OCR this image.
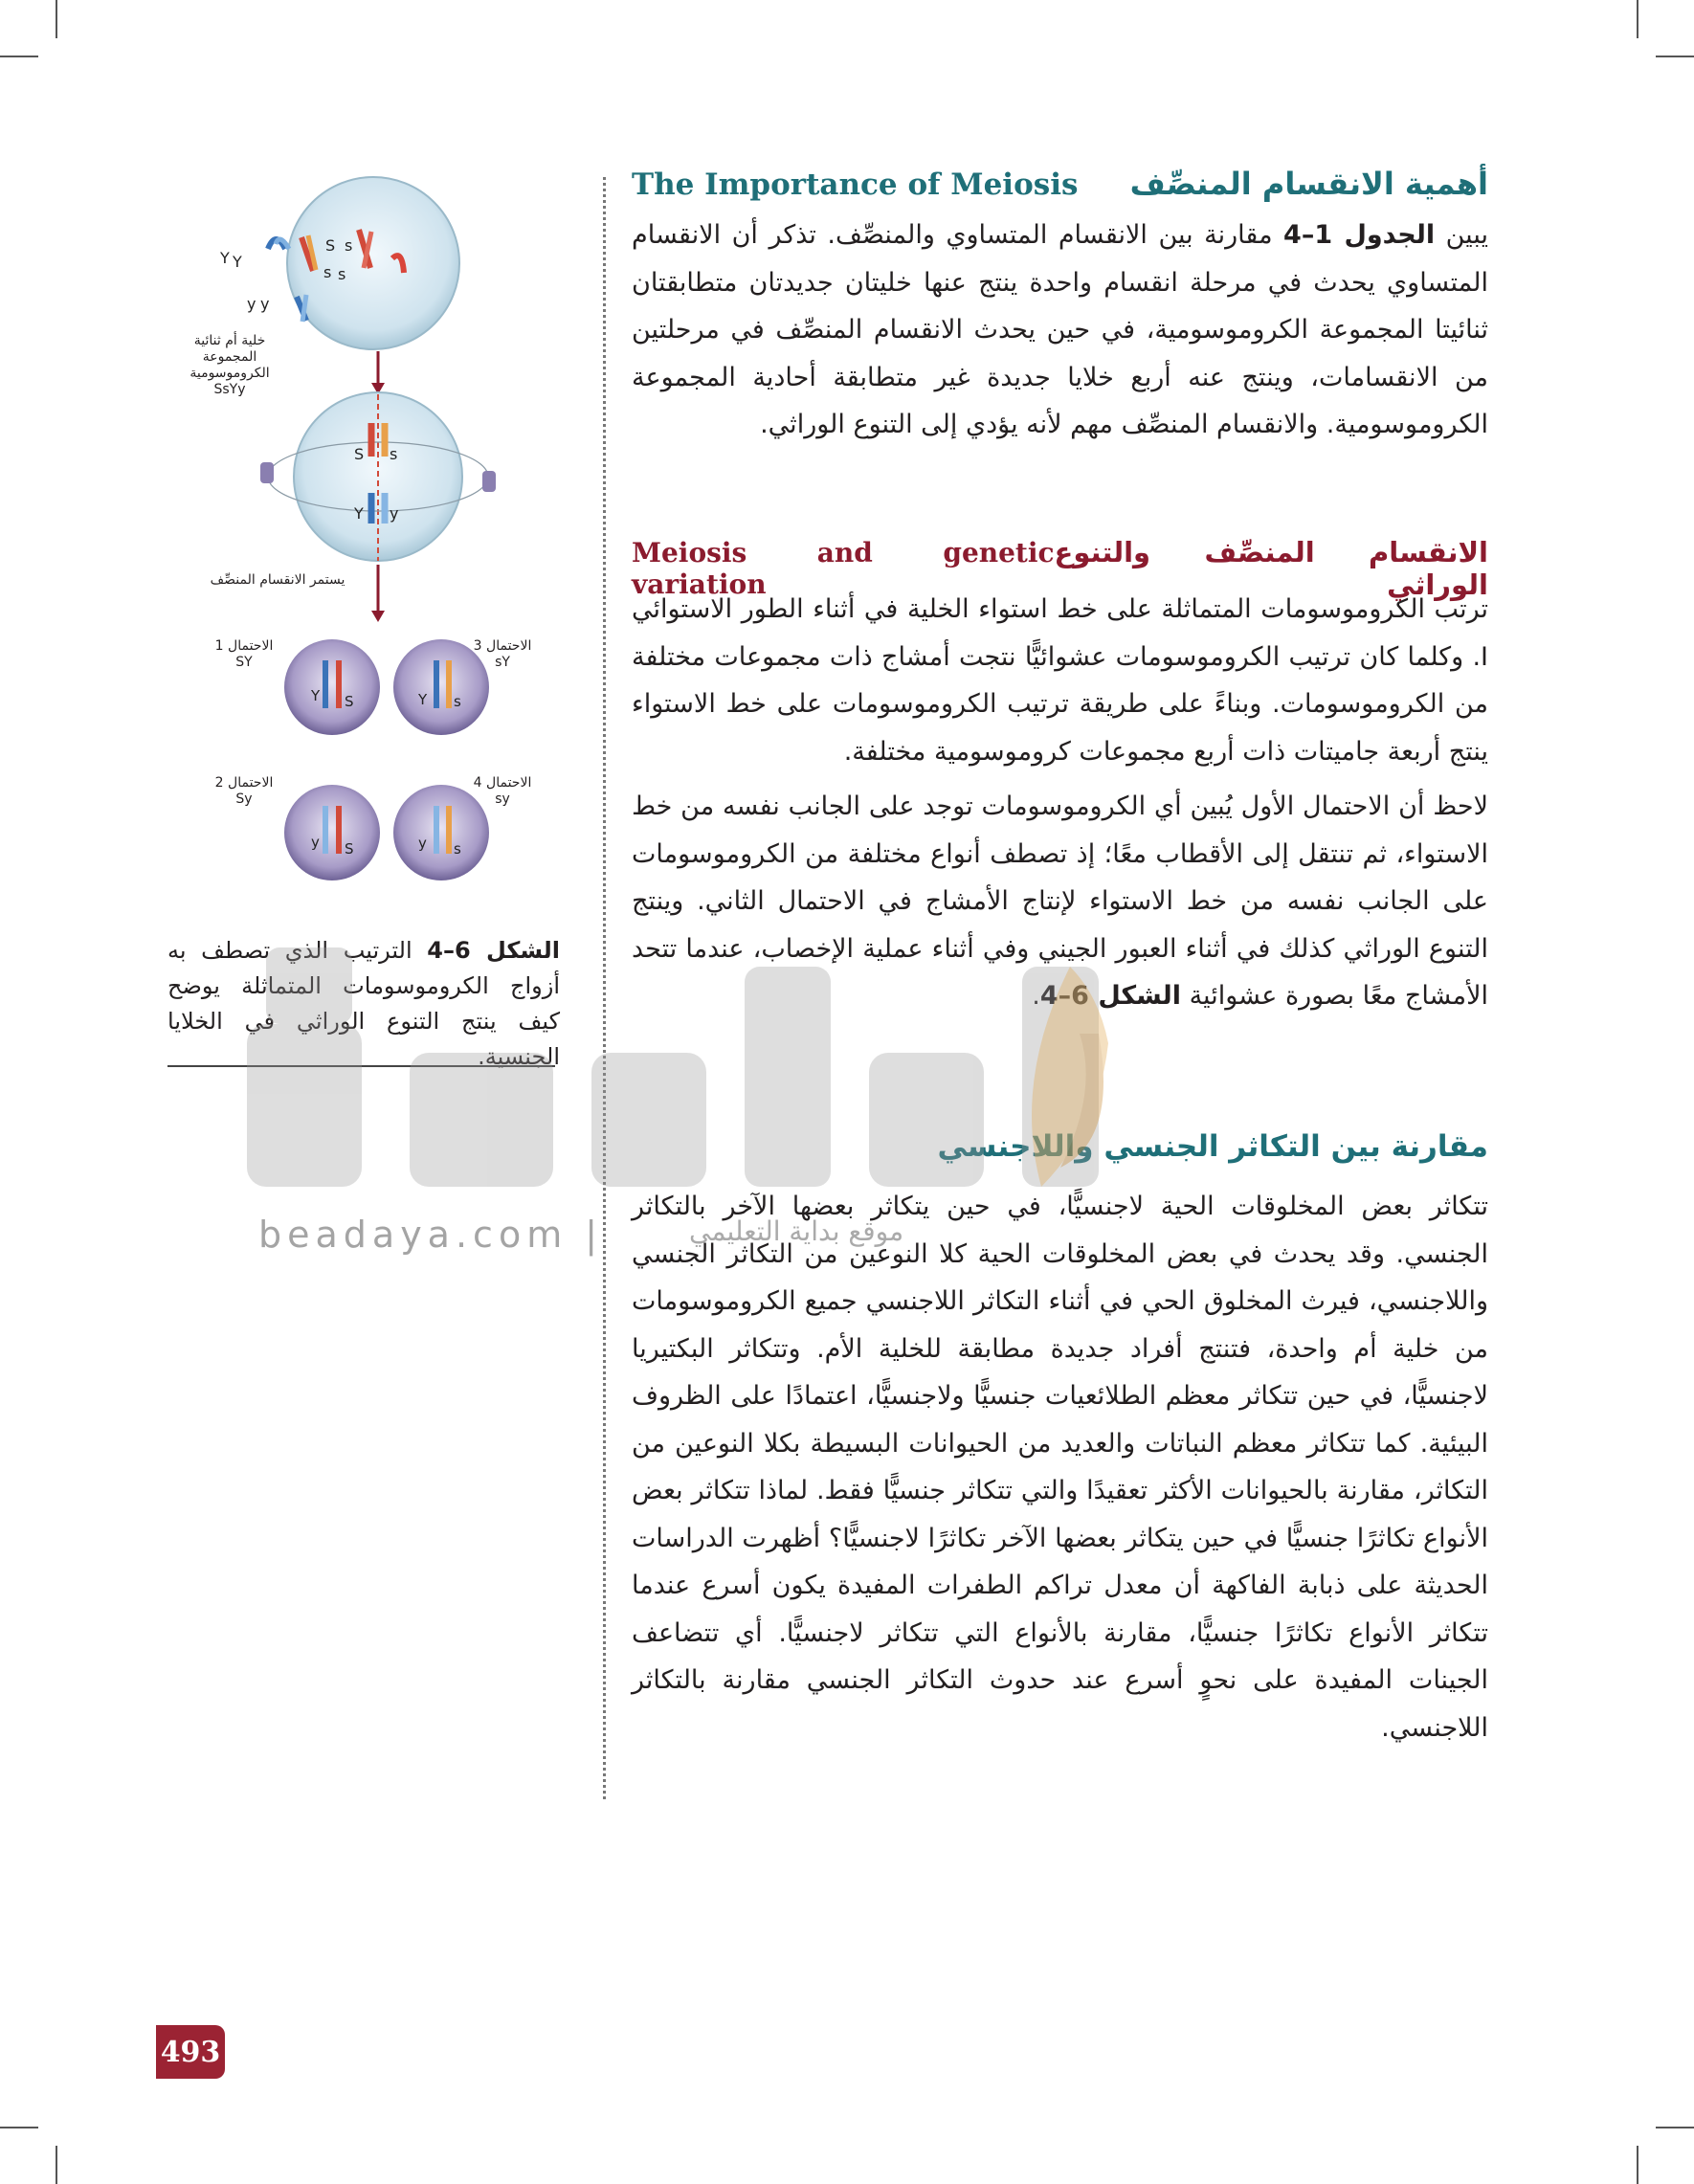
أهمية الانقسام المنصِّف
The Importance of Meiosis

يبين الجدول 1–4 مقارنة بين الانقسام المتساوي والمنصِّف. تذكر أن الانقسام المتساوي يحدث في مرحلة انقسام واحدة ينتج عنها خليتان جديدتان متطابقتان ثنائيتا المجموعة الكروموسومية، في حين يحدث الانقسام المنصِّف في مرحلتين من الانقسامات، وينتج عنه أربع خلايا جديدة غير متطابقة أحادية المجموعة الكروموسومية. والانقسام المنصِّف مهم لأنه يؤدي إلى التنوع الوراثي.

الانقسام المنصِّف والتنوع الوراثي
Meiosis and genetic variation

ترتب الكروموسومات المتماثلة على خط استواء الخلية في أثناء الطور الاستوائي I. وكلما كان ترتيب الكروموسومات عشوائيًّا نتجت أمشاج ذات مجموعات مختلفة من الكروموسومات. وبناءً على طريقة ترتيب الكروموسومات على خط الاستواء ينتج أربعة جاميتات ذات أربع مجموعات كروموسومية مختلفة.

لاحظ أن الاحتمال الأول يُبين أي الكروموسومات توجد على الجانب نفسه من خط الاستواء، ثم تنتقل إلى الأقطاب معًا؛ إذ تصطف أنواع مختلفة من الكروموسومات على الجانب نفسه من خط الاستواء لإنتاج الأمشاج في الاحتمال الثاني. وينتج التنوع الوراثي كذلك في أثناء العبور الجيني وفي أثناء عملية الإخصاب، عندما تتحد الأمشاج معًا بصورة عشوائية الشكل 6–4.

مقارنة بين التكاثر الجنسي واللاجنسي

تتكاثر بعض المخلوقات الحية لاجنسيًّا، في حين يتكاثر بعضها الآخر بالتكاثر الجنسي. وقد يحدث في بعض المخلوقات الحية كلا النوعين من التكاثر الجنسي واللاجنسي، فيرث المخلوق الحي في أثناء التكاثر اللاجنسي جميع الكروموسومات من خلية أم واحدة، فتنتج أفراد جديدة مطابقة للخلية الأم. وتتكاثر البكتيريا لاجنسيًّا، في حين تتكاثر معظم الطلائعيات جنسيًّا ولاجنسيًّا، اعتمادًا على الظروف البيئية. كما تتكاثر معظم النباتات والعديد من الحيوانات البسيطة بكلا النوعين من التكاثر، مقارنة بالحيوانات الأكثر تعقيدًا والتي تتكاثر جنسيًّا فقط. لماذا تتكاثر بعض الأنواع تكاثرًا جنسيًّا في حين يتكاثر بعضها الآخر تكاثرًا لاجنسيًّا؟ أظهرت الدراسات الحديثة على ذبابة الفاكهة أن معدل تراكم الطفرات المفيدة يكون أسرع عندما تتكاثر الأنواع تكاثرًا جنسيًّا، مقارنة بالأنواع التي تتكاثر لاجنسيًّا. أي تتضاعف الجينات المفيدة على نحوٍ أسرع عند حدوث التكاثر الجنسي مقارنة بالتكاثر اللاجنسي.

S s
s s
Y Y
y y
S s
Y y
Y S	Y s
y S	y s
خلية أم ثنائية المجموعة الكروموسومية
SsYy
يستمر الانقسام المنصِّف
الاحتمال 1
SY
الاحتمال 3
sY
الاحتمال 2
Sy
الاحتمال 4
sy
الشكل 6–4 الترتيب الذي تصطف به أزواج الكروموسومات المتماثلة يوضح كيف ينتج التنوع الوراثي في الخلايا الجنسية.
beadaya.com |	موقع بداية التعليمي
493
